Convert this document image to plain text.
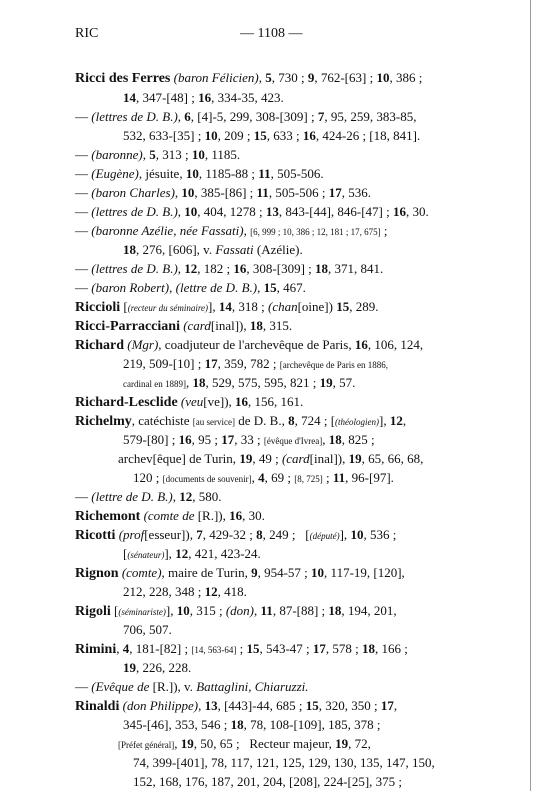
RIC	— 1108 —
Ricci des Ferres (baron Félicien), 5, 730 ; 9, 762-[63] ; 10, 386 ;
14, 347-[48] ; 16, 334-35, 423.
— (lettres de D. B.), 6, [4]-5, 299, 308-[309] ; 7, 95, 259, 383-85,
532, 633-[35] ; 10, 209 ; 15, 633 ; 16, 424-26 ; [18, 841].
— (baronne), 5, 313 ; 10, 1185.
— (Eugène), jésuite, 10, 1185-88 ; 11, 505-506.
— (baron Charles), 10, 385-[86] ; 11, 505-506 ; 17, 536.
— (lettres de D. B.), 10, 404, 1278 ; 13, 843-[44], 846-[47] ; 16, 30.
— (baronne Azélie, née Fassati), [6, 999 ; 10, 386 ; 12, 181 ; 17, 675] ;
18, 276, [606], v. Fassati (Azélie).
— (lettres de D. B.), 12, 182 ; 16, 308-[309] ; 18, 371, 841.
— (baron Robert), (lettre de D. B.), 15, 467.
Riccioli [(recteur du séminaire)], 14, 318 ; (chan[oine]) 15, 289.
Ricci-Parracciani (card[inal]), 18, 315.
Richard (Mgr), coadjuteur de l'archevêque de Paris, 16, 106, 124,
219, 509-[10] ; 17, 359, 782 ; [archevêque de Paris en 1886,
cardinal en 1889], 18, 529, 575, 595, 821 ; 19, 57.
Richard-Lesclide (veu[ve]), 16, 156, 161.
Richelmy, catéchiste [au service] de D. B., 8, 724 ; [(théologien)], 12,
579-[80] ; 16, 95 ; 17, 33 ; [évêque d'Ivrea], 18, 825 ;
archev[êque] de Turin, 19, 49 ; (card[inal]), 19, 65, 66, 68,
120 ; [documents de souvenir], 4, 69 ; [8, 725] ; 11, 96-[97].
— (lettre de D. B.), 12, 580.
Richemont (comte de [R.]), 16, 30.
Ricotti (prof[esseur]), 7, 429-32 ; 8, 249 ;   [(député)], 10, 536 ;
[(sénateur)], 12, 421, 423-24.
Rignon (comte), maire de Turin, 9, 954-57 ; 10, 117-19, [120],
212, 228, 348 ; 12, 418.
Rigoli [(séminariste)], 10, 315 ; (don), 11, 87-[88] ; 18, 194, 201,
706, 507.
Rimini, 4, 181-[82] ; [14, 563-64] ; 15, 543-47 ; 17, 578 ; 18, 166 ;
19, 226, 228.
— (Evêque de [R.]), v. Battaglini, Chiaruzzi.
Rinaldi (don Philippe), 13, [443]-44, 685 ; 15, 320, 350 ; 17,
345-[46], 353, 546 ; 18, 78, 108-[109], 185, 378 ;
[Préfet général], 19, 50, 65 ;   Recteur majeur, 19, 72,
74, 399-[401], 78, 117, 121, 125, 129, 130, 135, 147, 150,
152, 168, 176, 187, 201, 204, [208], 224-[25], 375 ;
